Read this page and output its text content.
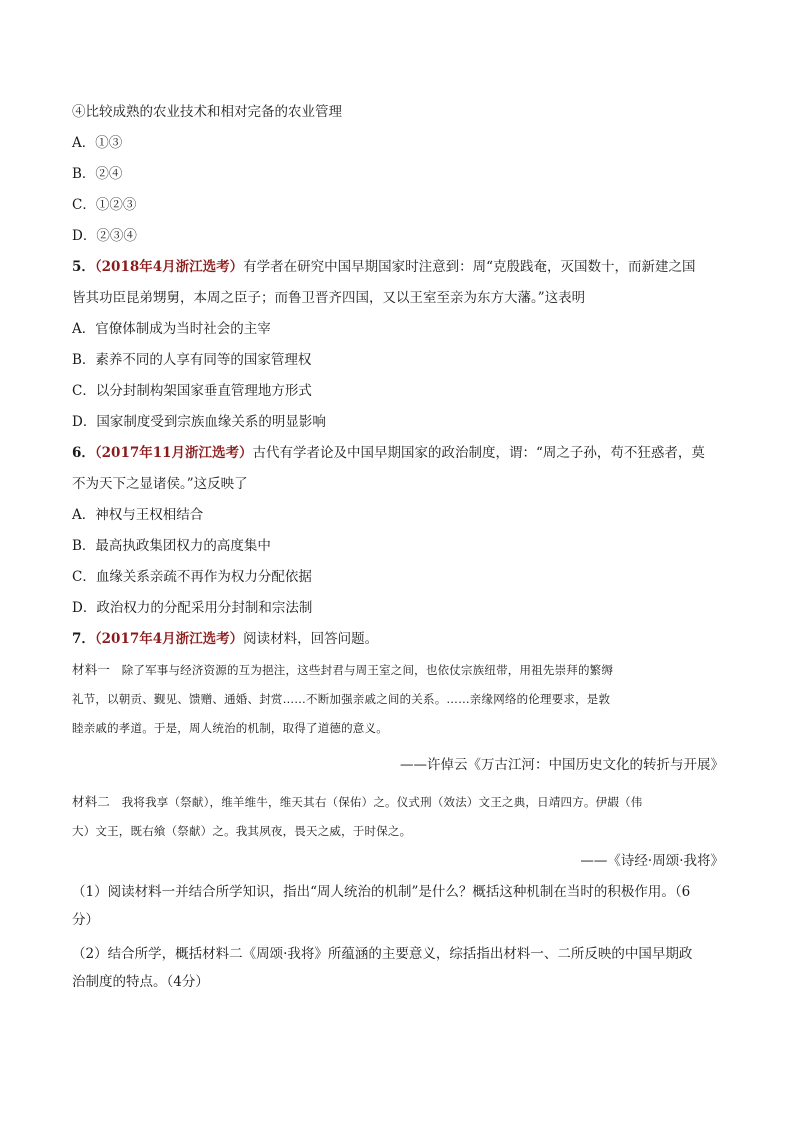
④比较成熟的农业技术和相对完备的农业管理
A．①③
B．②④
C．①②③
D．②③④
5．（2018年4月浙江选考）有学者在研究中国早期国家时注意到：周“克殷践奄，灭国数十，而新建之国
皆其功臣昆弟甥舅，本周之臣子；而鲁卫晋齐四国，又以王室至亲为东方大藩。”这表明
A．官僚体制成为当时社会的主宰
B．素养不同的人享有同等的国家管理权
C．以分封制构架国家垂直管理地方形式
D．国家制度受到宗族血缘关系的明显影响
6．（2017年11月浙江选考）古代有学者论及中国早期国家的政治制度，谓：“周之子孙，苟不狂惑者，莫
不为天下之显诸侯。”这反映了
A．神权与王权相结合
B．最高执政集团权力的高度集中
C．血缘关系亲疏不再作为权力分配依据
D．政治权力的分配采用分封制和宗法制
7．（2017年4月浙江选考）阅读材料，回答问题。
材料一 除了军事与经济资源的互为挹注，这些封君与周王室之间，也依仗宗族纽带，用祖先崇拜的繁缛
礼节，以朝贡、觐见、馈赠、通婚、封赏……不断加强亲戚之间的关系。……亲缘网络的伦理要求，是敦
睦亲戚的孝道。于是，周人统治的机制，取得了道德的意义。
——许倬云《万古江河：中国历史文化的转折与开展》
材料二 我将我享（祭献），维羊维牛，维天其右（保佑）之。仪式刑（效法）文王之典，日靖四方。伊嘏（伟
大）文王，既右飨（祭献）之。我其夙夜，畏天之威，于时保之。
——《诗经·周颂·我将》
（1）阅读材料一并结合所学知识，指出“周人统治的机制”是什么？概括这种机制在当时的积极作用。（6
分）
（2）结合所学，概括材料二《周颂·我将》所蕴涵的主要意义，综括指出材料一、二所反映的中国早期政
治制度的特点。（4分）
